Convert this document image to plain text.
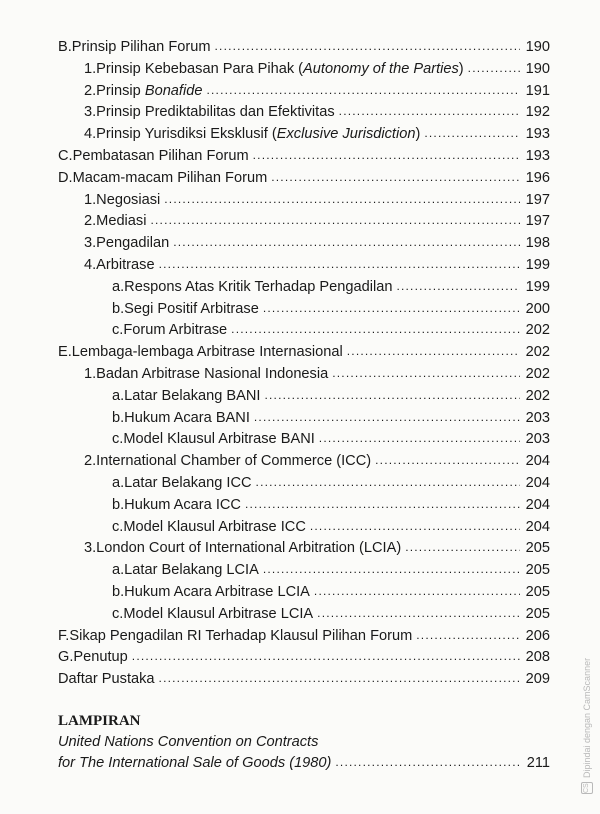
B. Prinsip Pilihan Forum .....	190
1. Prinsip Kebebasan Para Pihak (Autonomy of the Parties) .....	190
2. Prinsip Bonafide .....	191
3. Prinsip Prediktabilitas dan Efektivitas .....	192
4. Prinsip Yurisdiksi Eksklusif (Exclusive Jurisdiction) .....	193
C. Pembatasan Pilihan Forum .....	193
D. Macam-macam Pilihan Forum .....	196
1. Negosiasi .....	197
2. Mediasi .....	197
3. Pengadilan .....	198
4. Arbitrase .....	199
a. Respons Atas Kritik Terhadap Pengadilan .....	199
b. Segi Positif Arbitrase .....	200
c. Forum Arbitrase .....	202
E. Lembaga-lembaga Arbitrase Internasional .....	202
1. Badan Arbitrase Nasional Indonesia .....	202
a. Latar Belakang BANI .....	202
b. Hukum Acara BANI .....	203
c. Model Klausul Arbitrase BANI .....	203
2. International Chamber of Commerce (ICC) .....	204
a. Latar Belakang ICC .....	204
b. Hukum Acara ICC .....	204
c. Model Klausul Arbitrase ICC .....	204
3. London Court of International Arbitration (LCIA) .....	205
a. Latar Belakang LCIA .....	205
b. Hukum Acara Arbitrase LCIA .....	205
c. Model Klausul Arbitrase LCIA .....	205
F. Sikap Pengadilan RI Terhadap Klausul Pilihan Forum .....	206
G. Penutup .....	208
Daftar Pustaka .....	209
LAMPIRAN
United Nations Convention on Contracts
for The International Sale of Goods (1980) .....	211
CS
Dipindai dengan CamScanner
